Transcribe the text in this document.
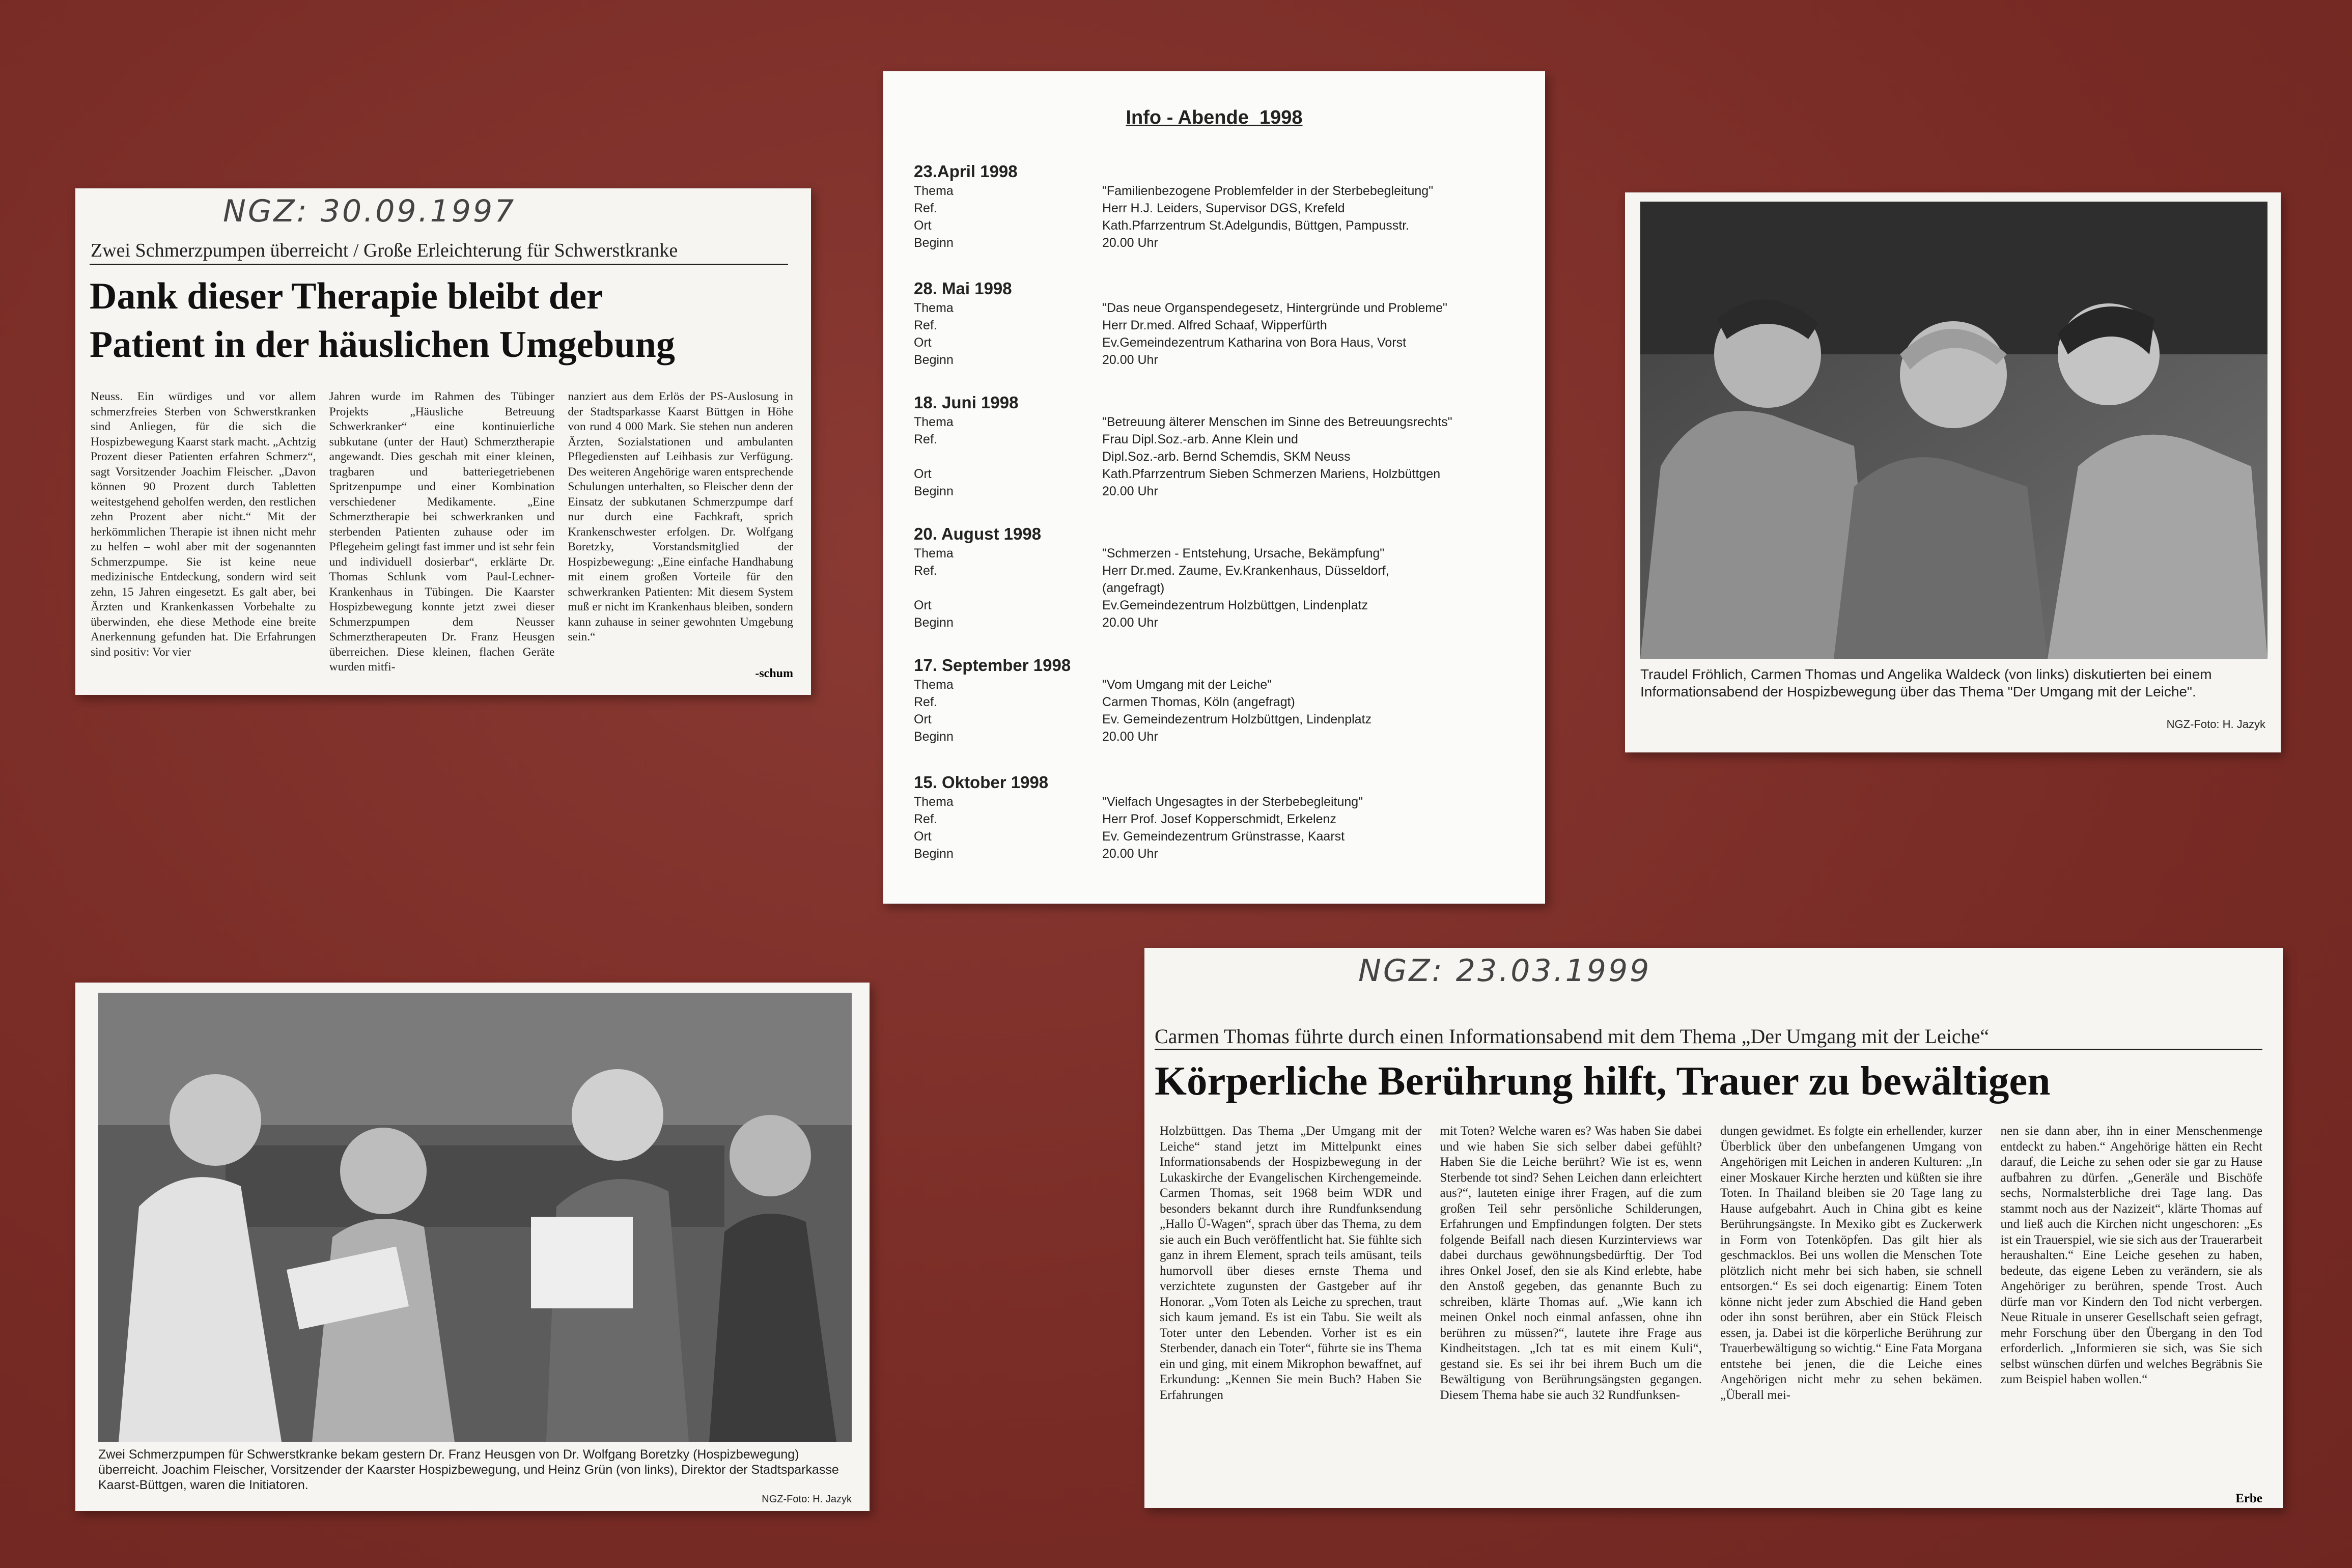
NGZ: 30.09.1997
Zwei Schmerzpumpen überreicht / Große Erleichterung für Schwerstkranke
Dank dieser Therapie bleibt der
Patient in der häuslichen Umgebung

Neuss. Ein würdiges und vor allem schmerzfreies Sterben von Schwerstkranken sind Anliegen, für die sich die Hospizbewegung Kaarst stark macht. „Achtzig Prozent dieser Patienten erfahren Schmerz“, sagt Vorsitzender Joachim Fleischer. „Davon können 90 Prozent durch Tabletten weitestgehend geholfen werden, den restlichen zehn Prozent aber nicht.“ Mit der herkömmlichen Therapie ist ihnen nicht mehr zu helfen – wohl aber mit der sogenannten Schmerzpumpe. Sie ist keine neue medizinische Entdeckung, sondern wird seit zehn, 15 Jahren eingesetzt. Es galt aber, bei Ärzten und Krankenkassen Vorbehalte zu überwinden, ehe diese Methode eine breite Anerkennung gefunden hat. Die Erfahrungen sind positiv: Vor vier

Jahren wurde im Rahmen des Tübinger Projekts „Häusliche Betreuung Schwerkranker“ eine kontinuierliche subkutane (unter der Haut) Schmerztherapie angewandt. Dies geschah mit einer kleinen, tragbaren und batteriegetriebenen Spritzenpumpe und einer Kombination verschiedener Medikamente. „Eine Schmerztherapie bei schwerkranken und sterbenden Patienten zuhause oder im Pflegeheim gelingt fast immer und ist sehr fein und individuell dosierbar“, erklärte Dr. Thomas Schlunk vom Paul-Lechner-Krankenhaus in Tübingen. Die Kaarster Hospizbewegung konnte jetzt zwei dieser Schmerzpumpen dem Neusser Schmerztherapeuten Dr. Franz Heusgen überreichen. Diese kleinen, flachen Geräte wurden mitfi-

nanziert aus dem Erlös der PS-Auslosung in der Stadtsparkasse Kaarst Büttgen in Höhe von rund 4 000 Mark. Sie stehen nun anderen Ärzten, Sozialstationen und ambulanten Pflegediensten auf Leihbasis zur Verfügung. Des weiteren Angehörige waren entsprechende Schulungen unterhalten, so Fleischer denn der Einsatz der subkutanen Schmerzpumpe darf nur durch eine Fachkraft, sprich Krankenschwester erfolgen. Dr. Wolfgang Boretzky, Vorstandsmitglied der Hospizbewegung: „Eine einfache Handhabung mit einem großen Vorteile für den schwerkranken Patienten: Mit diesem System muß er nicht im Krankenhaus bleiben, sondern kann zuhause in seiner gewohnten Umgebung sein.“

-schum
Info - Abende  1998
23.April 1998
Thema	"Familienbezogene Problemfelder in der Sterbebegleitung"
Ref.	Herr H.J. Leiders, Supervisor DGS, Krefeld
Ort	Kath.Pfarrzentrum St.Adelgundis, Büttgen, Pampusstr.
Beginn	20.00 Uhr
28. Mai 1998
Thema	"Das neue Organspendegesetz, Hintergründe und Probleme"
Ref.	Herr Dr.med. Alfred Schaaf, Wipperfürth
Ort	Ev.Gemeindezentrum Katharina von Bora Haus, Vorst
Beginn	20.00 Uhr
18. Juni 1998
Thema	"Betreuung älterer Menschen im Sinne des Betreuungsrechts"
Ref.	Frau Dipl.Soz.-arb. Anne Klein und
Dipl.Soz.-arb. Bernd Schemdis, SKM Neuss
Ort	Kath.Pfarrzentrum Sieben Schmerzen Mariens, Holzbüttgen
Beginn	20.00 Uhr
20. August 1998
Thema	"Schmerzen - Entstehung, Ursache, Bekämpfung"
Ref.	Herr Dr.med. Zaume, Ev.Krankenhaus, Düsseldorf,
(angefragt)
Ort	Ev.Gemeindezentrum Holzbüttgen, Lindenplatz
Beginn	20.00 Uhr
17. September 1998
Thema	"Vom Umgang mit der Leiche"
Ref.	Carmen Thomas, Köln (angefragt)
Ort	Ev. Gemeindezentrum Holzbüttgen, Lindenplatz
Beginn	20.00 Uhr
15. Oktober 1998
Thema	"Vielfach Ungesagtes in der Sterbebegleitung"
Ref.	Herr Prof. Josef Kopperschmidt, Erkelenz
Ort	Ev. Gemeindezentrum Grünstrasse, Kaarst
Beginn	20.00 Uhr
Traudel Fröhlich, Carmen Thomas und Angelika Waldeck (von links) diskutierten bei einem Informationsabend der Hospizbewegung über das Thema "Der Umgang mit der Leiche".
NGZ-Foto: H. Jazyk
Zwei Schmerzpumpen für Schwerstkranke bekam gestern Dr. Franz Heusgen von Dr. Wolfgang Boretzky (Hospizbewegung) überreicht. Joachim Fleischer, Vorsitzender der Kaarster Hospizbewegung, und Heinz Grün (von links), Direktor der Stadtsparkasse Kaarst-Büttgen, waren die Initiatoren.
NGZ-Foto: H. Jazyk
NGZ: 23.03.1999
Carmen Thomas führte durch einen Informationsabend mit dem Thema „Der Umgang mit der Leiche“
Körperliche Berührung hilft, Trauer zu bewältigen

Holzbüttgen. Das Thema „Der Umgang mit der Leiche“ stand jetzt im Mittelpunkt eines Informationsabends der Hospizbewegung in der Lukaskirche der Evangelischen Kirchengemeinde. Carmen Thomas, seit 1968 beim WDR und besonders bekannt durch ihre Rundfunksendung „Hallo Ü-Wagen“, sprach über das Thema, zu dem sie auch ein Buch veröffentlicht hat. Sie fühlte sich ganz in ihrem Element, sprach teils amüsant, teils humorvoll über dieses ernste Thema und verzichtete zugunsten der Gastgeber auf ihr Honorar. „Vom Toten als Leiche zu sprechen, traut sich kaum jemand. Es ist ein Tabu. Sie weilt als Toter unter den Lebenden. Vorher ist es ein Sterbender, danach ein Toter“, führte sie ins Thema ein und ging, mit einem Mikrophon bewaffnet, auf Erkundung: „Kennen Sie mein Buch? Haben Sie Erfahrungen

mit Toten? Welche waren es? Was haben Sie dabei und wie haben Sie sich selber dabei gefühlt? Haben Sie die Leiche berührt? Wie ist es, wenn Sterbende tot sind? Sehen Leichen dann erleichtert aus?“, lauteten einige ihrer Fragen, auf die zum großen Teil sehr persönliche Schilderungen, Erfahrungen und Empfindungen folgten. Der stets folgende Beifall nach diesen Kurzinterviews war dabei durchaus gewöhnungsbedürftig. Der Tod ihres Onkel Josef, den sie als Kind erlebte, habe den Anstoß gegeben, das genannte Buch zu schreiben, klärte Thomas auf. „Wie kann ich meinen Onkel noch einmal anfassen, ohne ihn berühren zu müssen?“, lautete ihre Frage aus Kindheitstagen. „Ich tat es mit einem Kuli“, gestand sie. Es sei ihr bei ihrem Buch um die Bewältigung von Berührungsängsten gegangen. Diesem Thema habe sie auch 32 Rundfunksen-

dungen gewidmet. Es folgte ein erhellender, kurzer Überblick über den unbefangenen Umgang von Angehörigen mit Leichen in anderen Kulturen: „In einer Moskauer Kirche herzten und küßten sie ihre Toten. In Thailand bleiben sie 20 Tage lang zu Hause aufgebahrt. Auch in China gibt es keine Berührungsängste. In Mexiko gibt es Zuckerwerk in Form von Totenköpfen. Das gilt hier als geschmacklos. Bei uns wollen die Menschen Tote plötzlich nicht mehr bei sich haben, sie schnell entsorgen.“ Es sei doch eigenartig: Einem Toten könne nicht jeder zum Abschied die Hand geben oder ihn sonst berühren, aber ein Stück Fleisch essen, ja. Dabei ist die körperliche Berührung zur Trauerbewältigung so wichtig.“ Eine Fata Morgana entstehe bei jenen, die die Leiche eines Angehörigen nicht mehr zu sehen bekämen. „Überall mei-

nen sie dann aber, ihn in einer Menschenmenge entdeckt zu haben.“ Angehörige hätten ein Recht darauf, die Leiche zu sehen oder sie gar zu Hause aufbahren zu dürfen. „Generäle und Bischöfe sechs, Normalsterbliche drei Tage lang. Das stammt noch aus der Nazizeit“, klärte Thomas auf und ließ auch die Kirchen nicht ungeschoren: „Es ist ein Trauerspiel, wie sie sich aus der Trauerarbeit heraushalten.“ Eine Leiche gesehen zu haben, bedeute, das eigene Leben zu verändern, sie als Angehöriger zu berühren, spende Trost. Auch dürfe man vor Kindern den Tod nicht verbergen. Neue Rituale in unserer Gesellschaft seien gefragt, mehr Forschung über den Übergang in den Tod erforderlich. „Informieren sie sich, was Sie sich selbst wünschen dürfen und welches Begräbnis Sie zum Beispiel haben wollen.“

Erbe
